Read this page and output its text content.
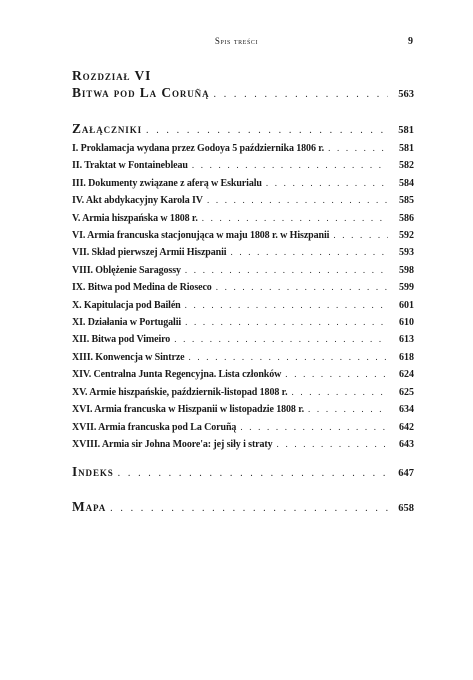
Spis treści	9
Rozdział VI
Bitwa pod La Coruñą . . .	563
Załączniki . . .	581
I. Proklamacja wydana przez Godoya 5 października 1806 r. . . .	581
II. Traktat w Fontainebleau . . .	582
III. Dokumenty związane z aferą w Eskurialu . . .	584
IV. Akt abdykacyjny Karola IV . . .	585
V. Armia hiszpańska w 1808 r. . . .	586
VI. Armia francuska stacjonująca w maju 1808 r. w Hiszpanii . . .	592
VII. Skład pierwszej Armii Hiszpanii . . .	593
VIII. Oblężenie Saragossy . . .	598
IX. Bitwa pod Medina de Rioseco . . .	599
X. Kapitulacja pod Bailén . . .	601
XI. Działania w Portugalii . . .	610
XII. Bitwa pod Vimeiro . . .	613
XIII. Konwencja w Sintrze . . .	618
XIV. Centralna Junta Regencyjna. Lista członków . . .	624
XV. Armie hiszpańskie, październik-listopad 1808 r. . . .	625
XVI. Armia francuska w Hiszpanii w listopadzie 1808 r. . . .	634
XVII. Armia francuska pod La Coruñą . . .	642
XVIII. Armia sir Johna Moore'a: jej siły i straty . . .	643
Indeks . . .	647
Mapa . . .	658
